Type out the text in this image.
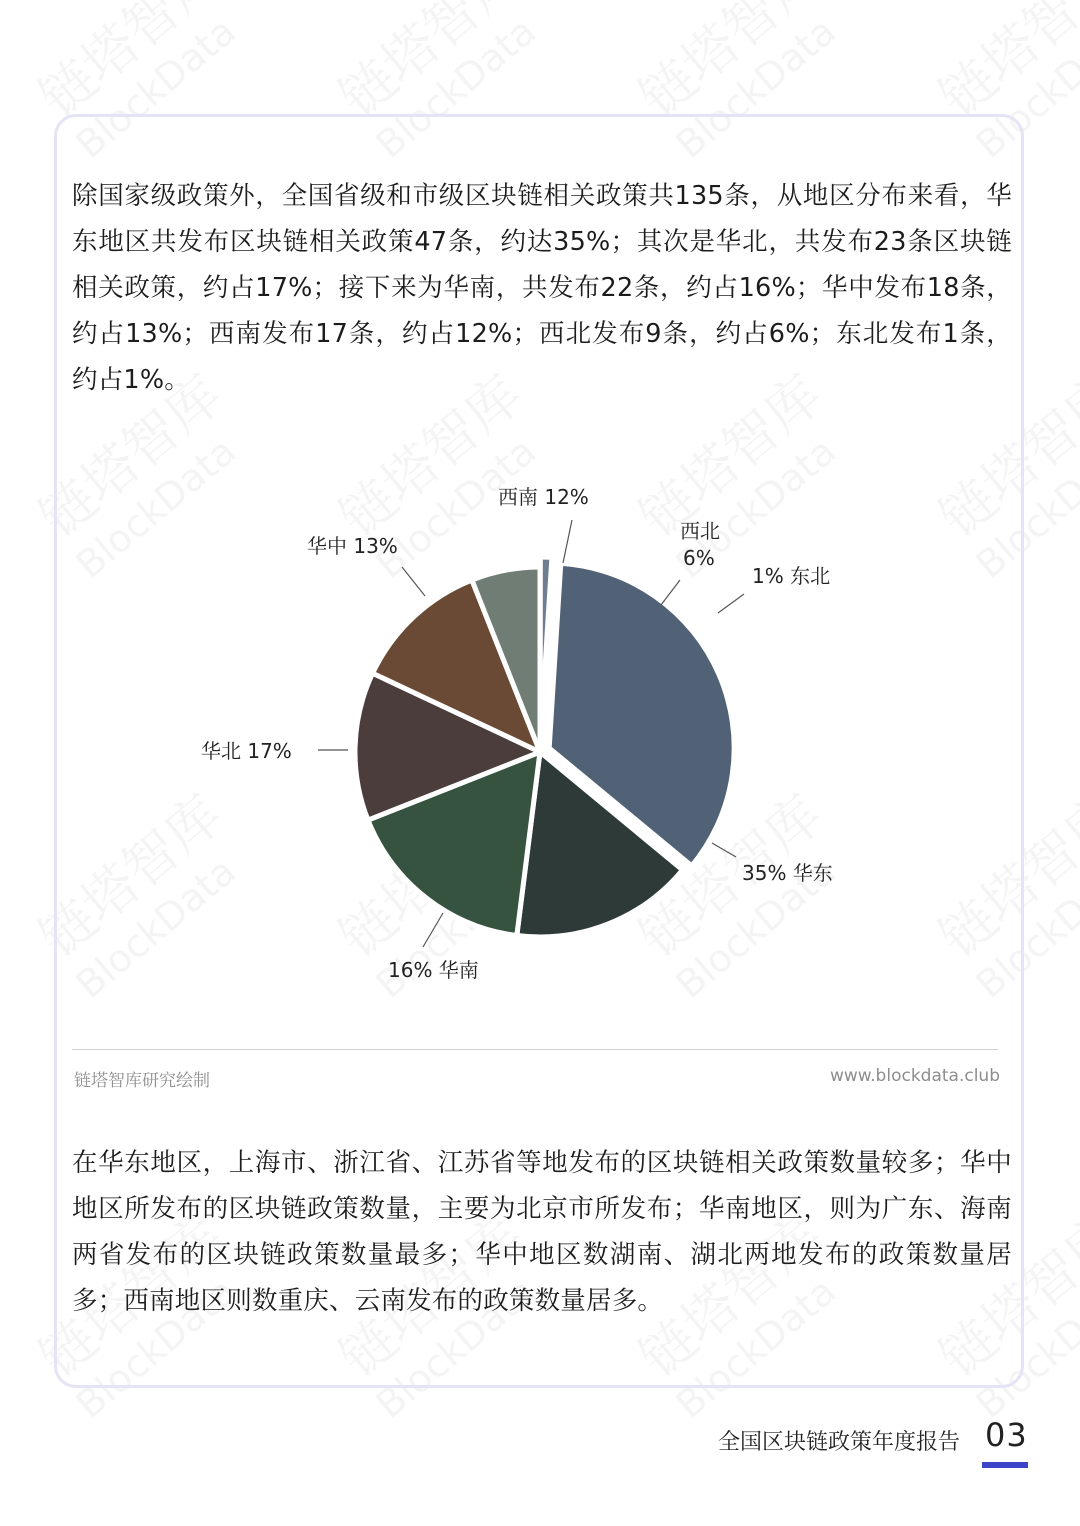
除国家级政策外，全国省级和市级区块链相关政策共135条，从地区分布来看，华东地区共发布区块链相关政策47条，约达35%；其次是华北，共发布23条区块链相关政策，约占17%；接下来为华南，共发布22条，约占16%；华中发布18条，约占13%；西南发布17条，约占12%；西北发布9条，约占6%；东北发布1条，约占1%。

西南 12%
华中 13%
西北
6%
1% 东北
华北 17%
35% 华东
16% 华南
链塔智库研究绘制	www.blockdata.club

在华东地区，上海市、浙江省、江苏省等地发布的区块链相关政策数量较多；华中地区所发布的区块链政策数量，主要为北京市所发布；华南地区，则为广东、海南两省发布的区块链政策数量最多；华中地区数湖南、湖北两地发布的政策数量居多；西南地区则数重庆、云南发布的政策数量居多。

全国区块链政策年度报告 03
